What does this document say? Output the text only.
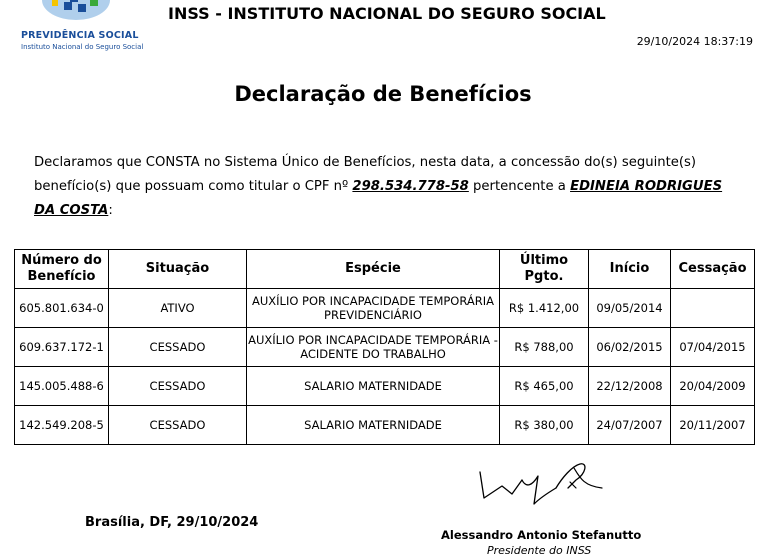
PREVIDÊNCIA SOCIAL
Instituto Nacional do Seguro Social
INSS - INSTITUTO NACIONAL DO SEGURO SOCIAL
29/10/2024 18:37:19
Declaração de Benefícios
Declaramos que CONSTA no Sistema Único de Benefícios, nesta data, a concessão do(s) seguinte(s) benefício(s) que possuam como titular o CPF nº 298.534.778-58 pertencente a EDINEIA RODRIGUES DA COSTA:
Número do Benefício	Situação	Espécie	Último Pgto.	Início	Cessação
605.801.634-0	ATIVO	AUXÍLIO POR INCAPACIDADE TEMPORÁRIA PREVIDENCIÁRIO	R$ 1.412,00	09/05/2014	
609.637.172-1	CESSADO	AUXÍLIO POR INCAPACIDADE TEMPORÁRIA - ACIDENTE DO TRABALHO	R$ 788,00	06/02/2015	07/04/2015
145.005.488-6	CESSADO	SALARIO MATERNIDADE	R$ 465,00	22/12/2008	20/04/2009
142.549.208-5	CESSADO	SALARIO MATERNIDADE	R$ 380,00	24/07/2007	20/11/2007
Brasília, DF, 29/10/2024
Alessandro Antonio Stefanutto
Presidente do INSS
